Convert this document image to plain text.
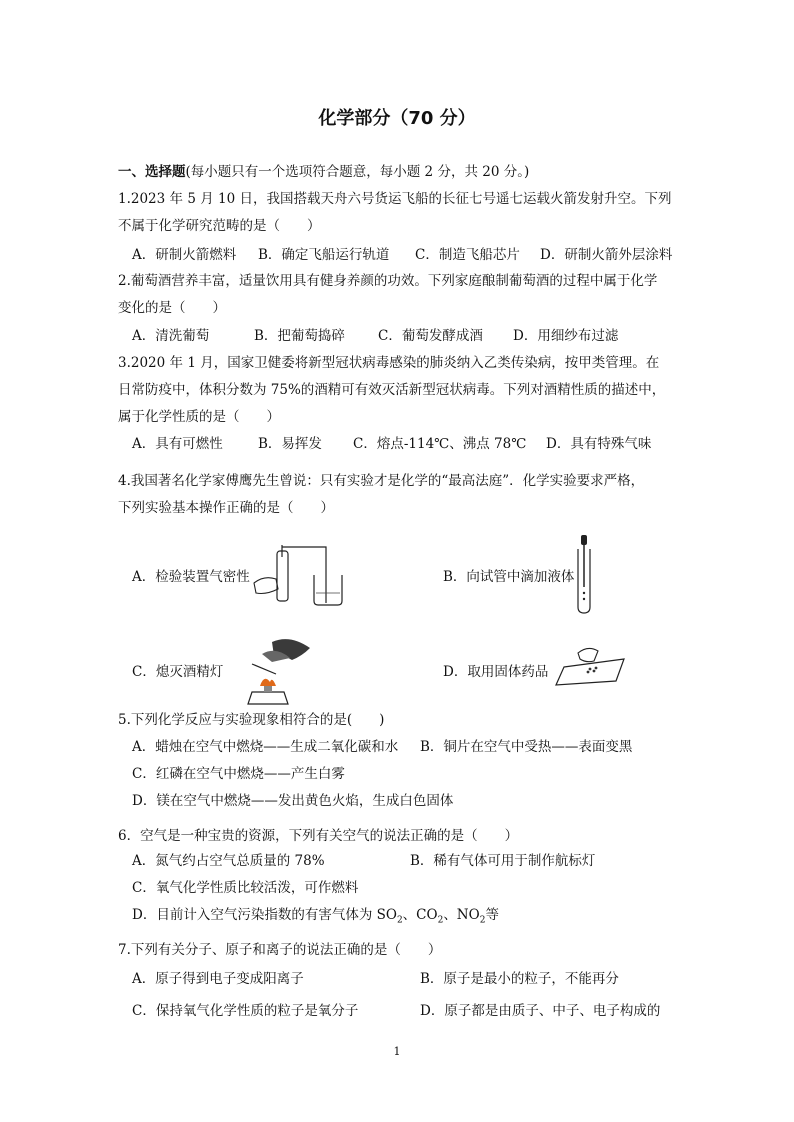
化学部分（70 分）
一、选择题(每小题只有一个选项符合题意，每小题 2 分，共 20 分。)
1.2023 年 5 月 10 日，我国搭载天舟六号货运飞船的长征七号遥七运载火箭发射升空。下列
不属于化学研究范畴的是（　　）
A．研制火箭燃料 B．确定飞船运行轨道 C．制造飞船芯片 D．研制火箭外层涂料
2.葡萄酒营养丰富，适量饮用具有健身养颜的功效。下列家庭酿制葡萄酒的过程中属于化学
变化的是（　　）
A．清洗葡萄	B．把葡萄捣碎 C．葡萄发酵成酒 D．用细纱布过滤
3.2020 年 1 月，国家卫健委将新型冠状病毒感染的肺炎纳入乙类传染病，按甲类管理。在
日常防疫中，体积分数为 75%的酒精可有效灭活新型冠状病毒。下列对酒精性质的描述中，
属于化学性质的是（　　）
A．具有可燃性	B．易挥发 C．熔点-114℃、沸点 78℃ D．具有特殊气味
4.我国著名化学家傅鹰先生曾说：只有实验才是化学的“最高法庭”．化学实验要求严格，
下列实验基本操作正确的是（　　）
A．检验装置气密性	B．向试管中滴加液体
C．熄灭酒精灯	D．取用固体药品
5.下列化学反应与实验现象相符合的是(　　)
A．蜡烛在空气中燃烧——生成二氧化碳和水 B．铜片在空气中受热——表面变黑
C．红磷在空气中燃烧——产生白雾
D．镁在空气中燃烧——发出黄色火焰，生成白色固体
6．空气是一种宝贵的资源，下列有关空气的说法正确的是（　　）
A．氮气约占空气总质量的 78%	B．稀有气体可用于制作航标灯
C．氧气化学性质比较活泼，可作燃料
D．目前计入空气污染指数的有害气体为 $SO_2$、$CO_2$、$NO_2$等
7.下列有关分子、原子和离子的说法正确的是（　　）
A．原子得到电子变成阳离子	B．原子是最小的粒子，不能再分
C．保持氧气化学性质的粒子是氧分子	D．原子都是由质子、中子、电子构成的
1
